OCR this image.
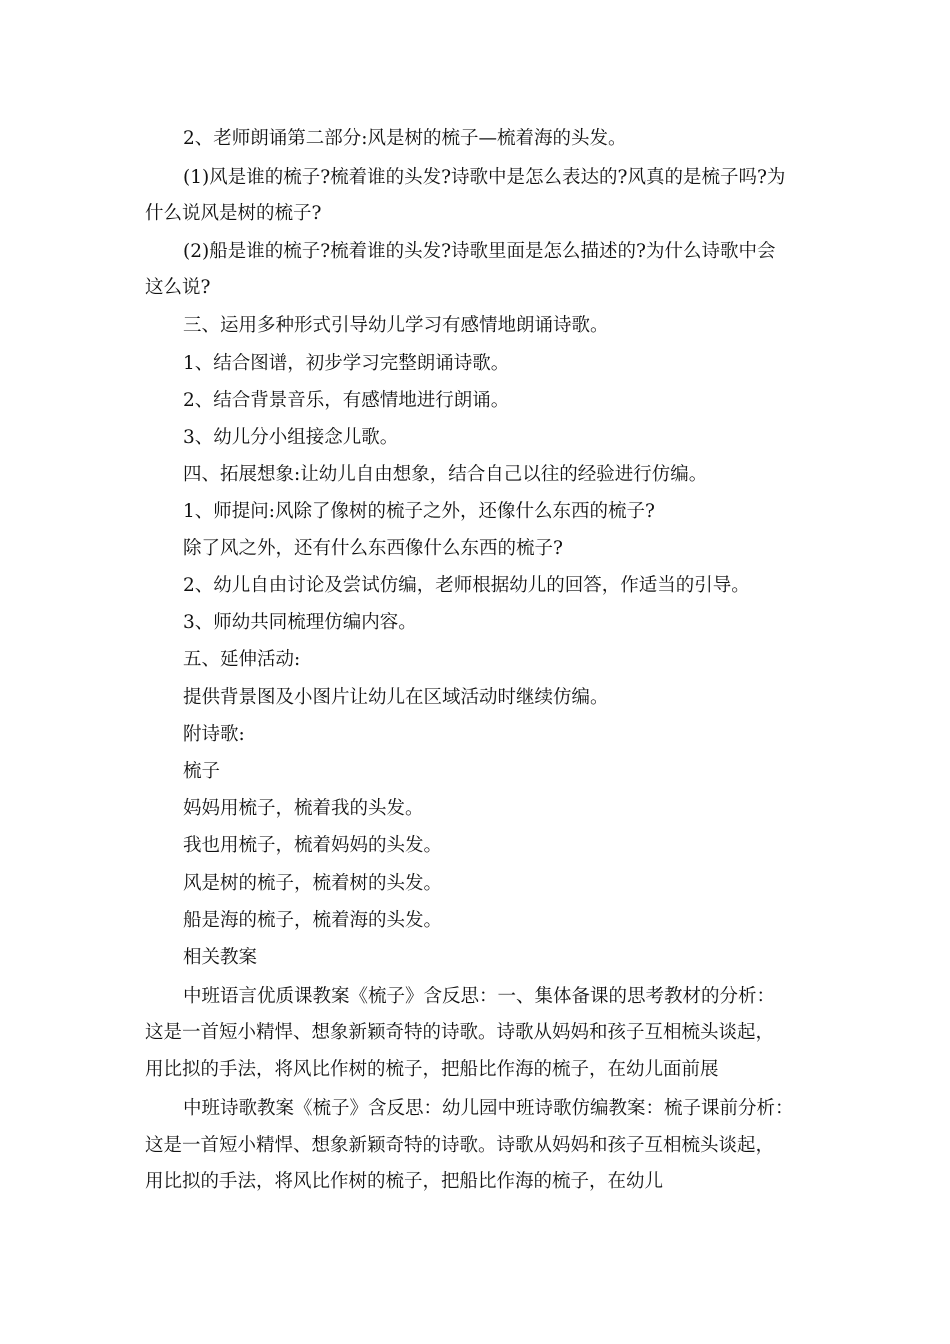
2、老师朗诵第二部分:风是树的梳子—梳着海的头发。
(1)风是谁的梳子?梳着谁的头发?诗歌中是怎么表达的?风真的是梳子吗?为
什么说风是树的梳子?
(2)船是谁的梳子?梳着谁的头发?诗歌里面是怎么描述的?为什么诗歌中会
这么说?
三、运用多种形式引导幼儿学习有感情地朗诵诗歌。
1、结合图谱，初步学习完整朗诵诗歌。
2、结合背景音乐，有感情地进行朗诵。
3、幼儿分小组接念儿歌。
四、拓展想象:让幼儿自由想象，结合自己以往的经验进行仿编。
1、师提问:风除了像树的梳子之外，还像什么东西的梳子?
除了风之外，还有什么东西像什么东西的梳子?
2、幼儿自由讨论及尝试仿编，老师根据幼儿的回答，作适当的引导。
3、师幼共同梳理仿编内容。
五、延伸活动:
提供背景图及小图片让幼儿在区域活动时继续仿编。
附诗歌:
梳子
妈妈用梳子，梳着我的头发。
我也用梳子，梳着妈妈的头发。
风是树的梳子，梳着树的头发。
船是海的梳子，梳着海的头发。
相关教案
中班语言优质课教案《梳子》含反思：一、集体备课的思考教材的分析：
这是一首短小精悍、想象新颖奇特的诗歌。诗歌从妈妈和孩子互相梳头谈起，
用比拟的手法，将风比作树的梳子，把船比作海的梳子，在幼儿面前展
中班诗歌教案《梳子》含反思：幼儿园中班诗歌仿编教案：梳子课前分析：
这是一首短小精悍、想象新颖奇特的诗歌。诗歌从妈妈和孩子互相梳头谈起，
用比拟的手法，将风比作树的梳子，把船比作海的梳子，在幼儿
